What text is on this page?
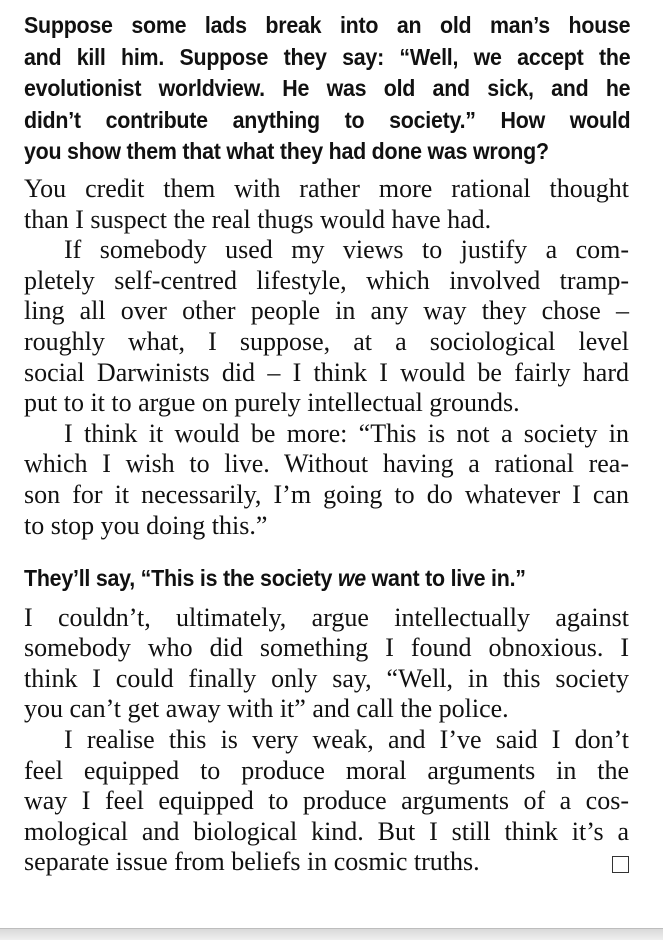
Suppose some lads break into an old man’s house
and kill him. Suppose they say: “Well, we accept the
evolutionist worldview. He was old and sick, and he
didn’t contribute anything to society.” How would
you show them that what they had done was wrong?

You credit them with rather more rational thought
than I suspect the real thugs would have had.

If somebody used my views to justify a com-
pletely self-centred lifestyle, which involved tramp-
ling all over other people in any way they chose –
roughly what, I suppose, at a sociological level
social Darwinists did – I think I would be fairly hard
put to it to argue on purely intellectual grounds.

I think it would be more: “This is not a society in
which I wish to live. Without having a rational rea-
son for it necessarily, I’m going to do whatever I can
to stop you doing this.”

They’ll say, “This is the society we want to live in.”

I couldn’t, ultimately, argue intellectually against
somebody who did something I found obnoxious. I
think I could finally only say, “Well, in this society
you can’t get away with it” and call the police.

I realise this is very weak, and I’ve said I don’t
feel equipped to produce moral arguments in the
way I feel equipped to produce arguments of a cos-
mological and biological kind. But I still think it’s a
separate issue from beliefs in cosmic truths.
